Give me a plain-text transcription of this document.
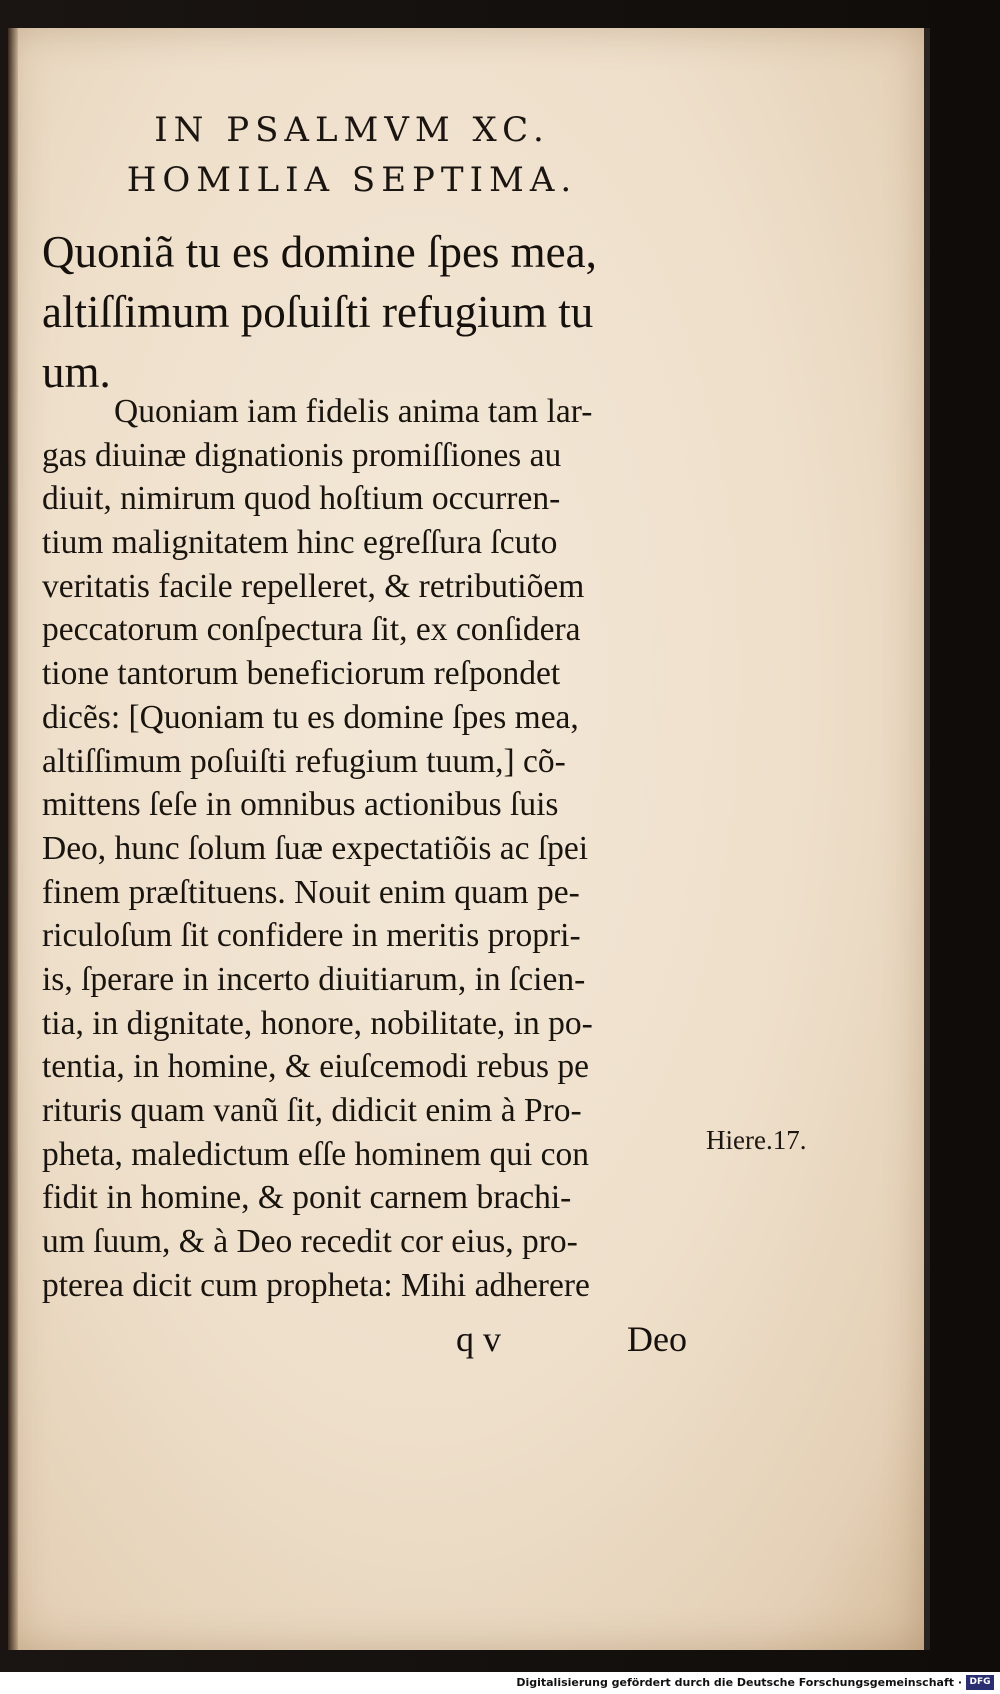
IN PSALMVM XC.
HOMILIA SEPTIMA.
Quoniã tu es domine ſpes mea,
altiſſimum poſuiſti refugium tu
um.
Quoniam iam fidelis anima tam lar-
gas diuinæ dignationis promiſſiones au
diuit, nimirum quod hoſtium occurren-
tium malignitatem hinc egreſſura ſcuto
veritatis facile repelleret, & retributiõem
peccatorum conſpectura ſit, ex conſidera
tione tantorum beneficiorum reſpondet
dicẽs: [Quoniam tu es domine ſpes mea,
altiſſimum poſuiſti refugium tuum,] cõ-
mittens ſeſe in omnibus actionibus ſuis
Deo, hunc ſolum ſuæ expectatiõis ac ſpei
finem præſtituens. Nouit enim quam pe-
riculoſum ſit confidere in meritis propri-
is, ſperare in incerto diuitiarum, in ſcien-
tia, in dignitate, honore, nobilitate, in po-
tentia, in homine, & eiuſcemodi rebus pe
rituris quam vanũ ſit, didicit enim à Pro-
pheta, maledictum eſſe hominem qui con
fidit in homine, & ponit carnem brachi-
um ſuum, & à Deo recedit cor eius, pro-
pterea dicit cum propheta: Mihi adherere
Hiere.17.
q v	Deo
Digitalisierung gefördert durch die Deutsche Forschungsgemeinschaft · DFG
